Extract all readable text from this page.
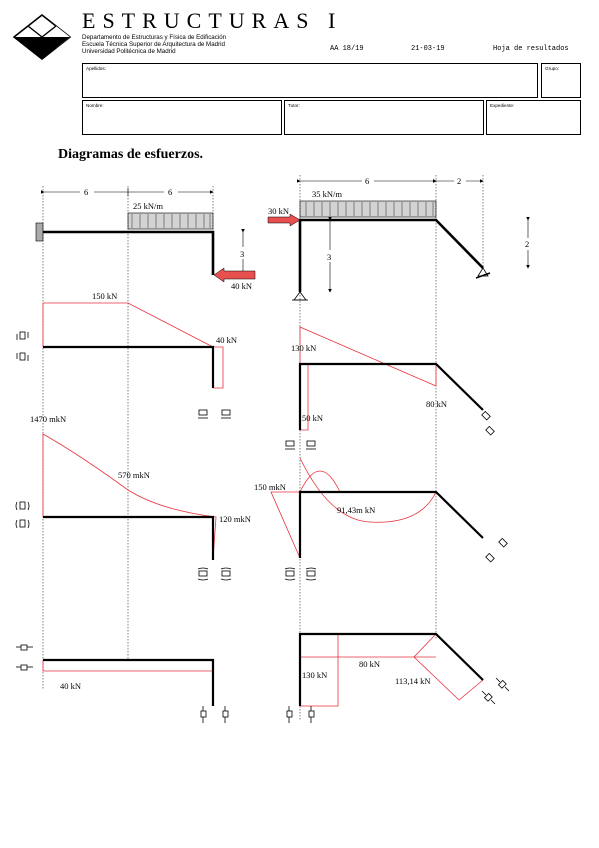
ESTRUCTURAS I
Departamento de Estructuras y Física de Edificación
Escuela Técnica Superior de Arquitectura de Madrid
Universidad Politécnica de Madrid	AA 18/19	21-03-19	Hoja de resultados
Apellidos:	Grupo:
Nombre:	Tutor:	Expediente:
Diagramas de esfuerzos.
6	6
25 kN/m
3
40 kN
6	2
35 kN/m
30 kN
3
2
150 kN
40 kN
130 kN
50 kN
80 kN
1470 mkN
570 mkN
120 mkN
150 mkN
91,43m kN
40 kN
130 kN
80 kN
113,14 kN
